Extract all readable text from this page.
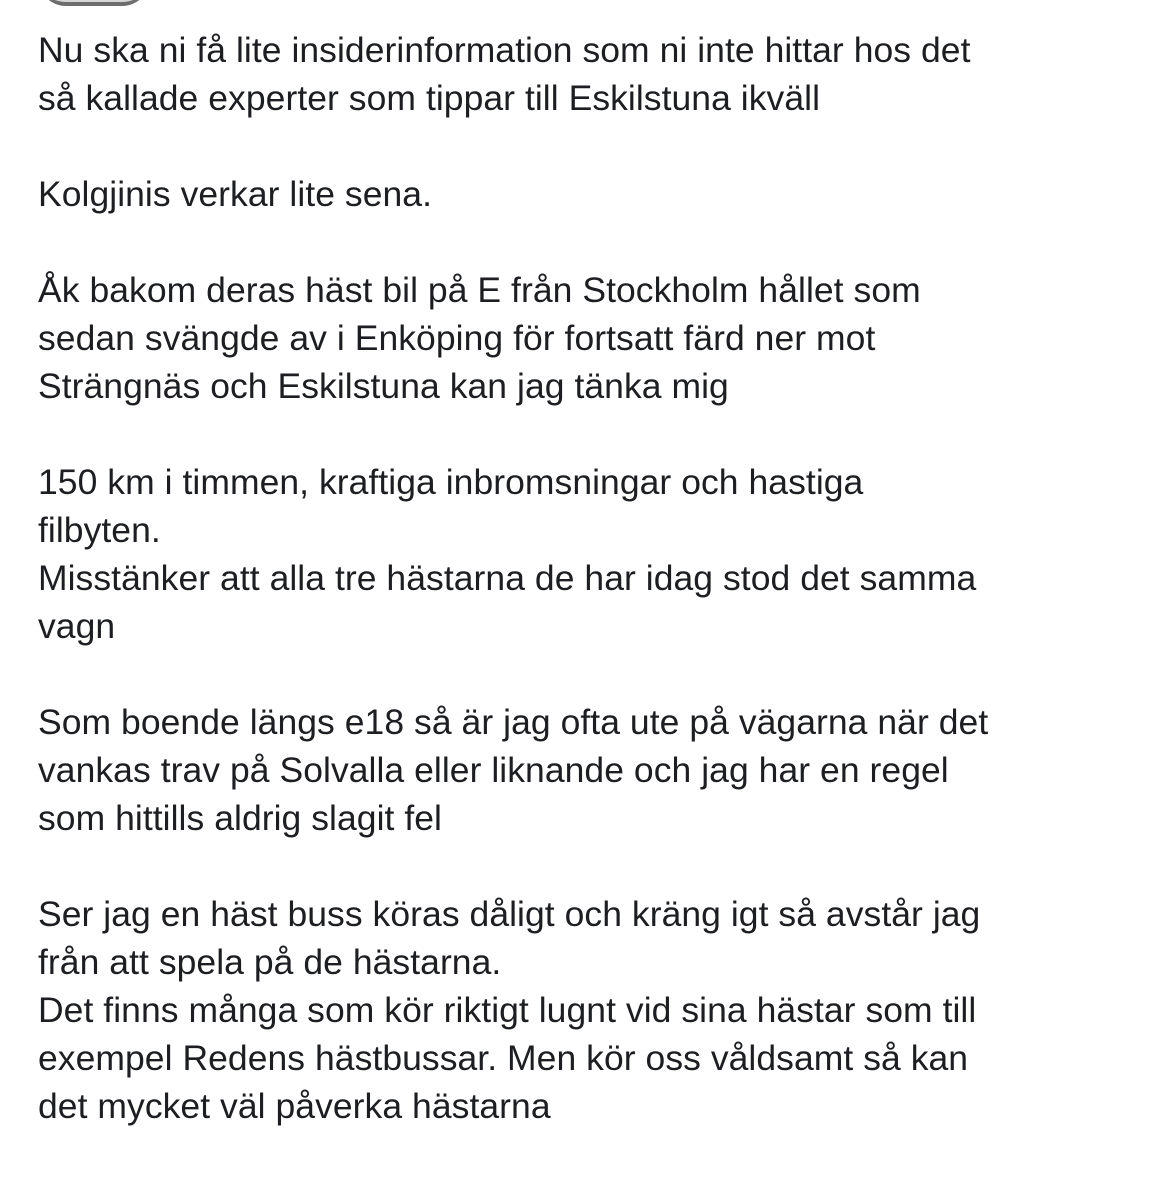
Nu ska ni få lite insiderinformation som ni inte hittar hos det
så kallade experter som tippar till Eskilstuna ikväll

Kolgjinis verkar lite sena.

Åk bakom deras häst bil på E från Stockholm hållet som
sedan svängde av i Enköping för fortsatt färd ner mot
Strängnäs och Eskilstuna kan jag tänka mig

150 km i timmen, kraftiga inbromsningar och hastiga
filbyten.
Misstänker att alla tre hästarna de har idag stod det samma
vagn

Som boende längs e18 så är jag ofta ute på vägarna när det
vankas trav på Solvalla eller liknande och jag har en regel
som hittills aldrig slagit fel

Ser jag en häst buss köras dåligt och kräng igt så avstår jag
från att spela på de hästarna.
Det finns många som kör riktigt lugnt vid sina hästar som till
exempel Redens hästbussar. Men kör oss våldsamt så kan
det mycket väl påverka hästarna
